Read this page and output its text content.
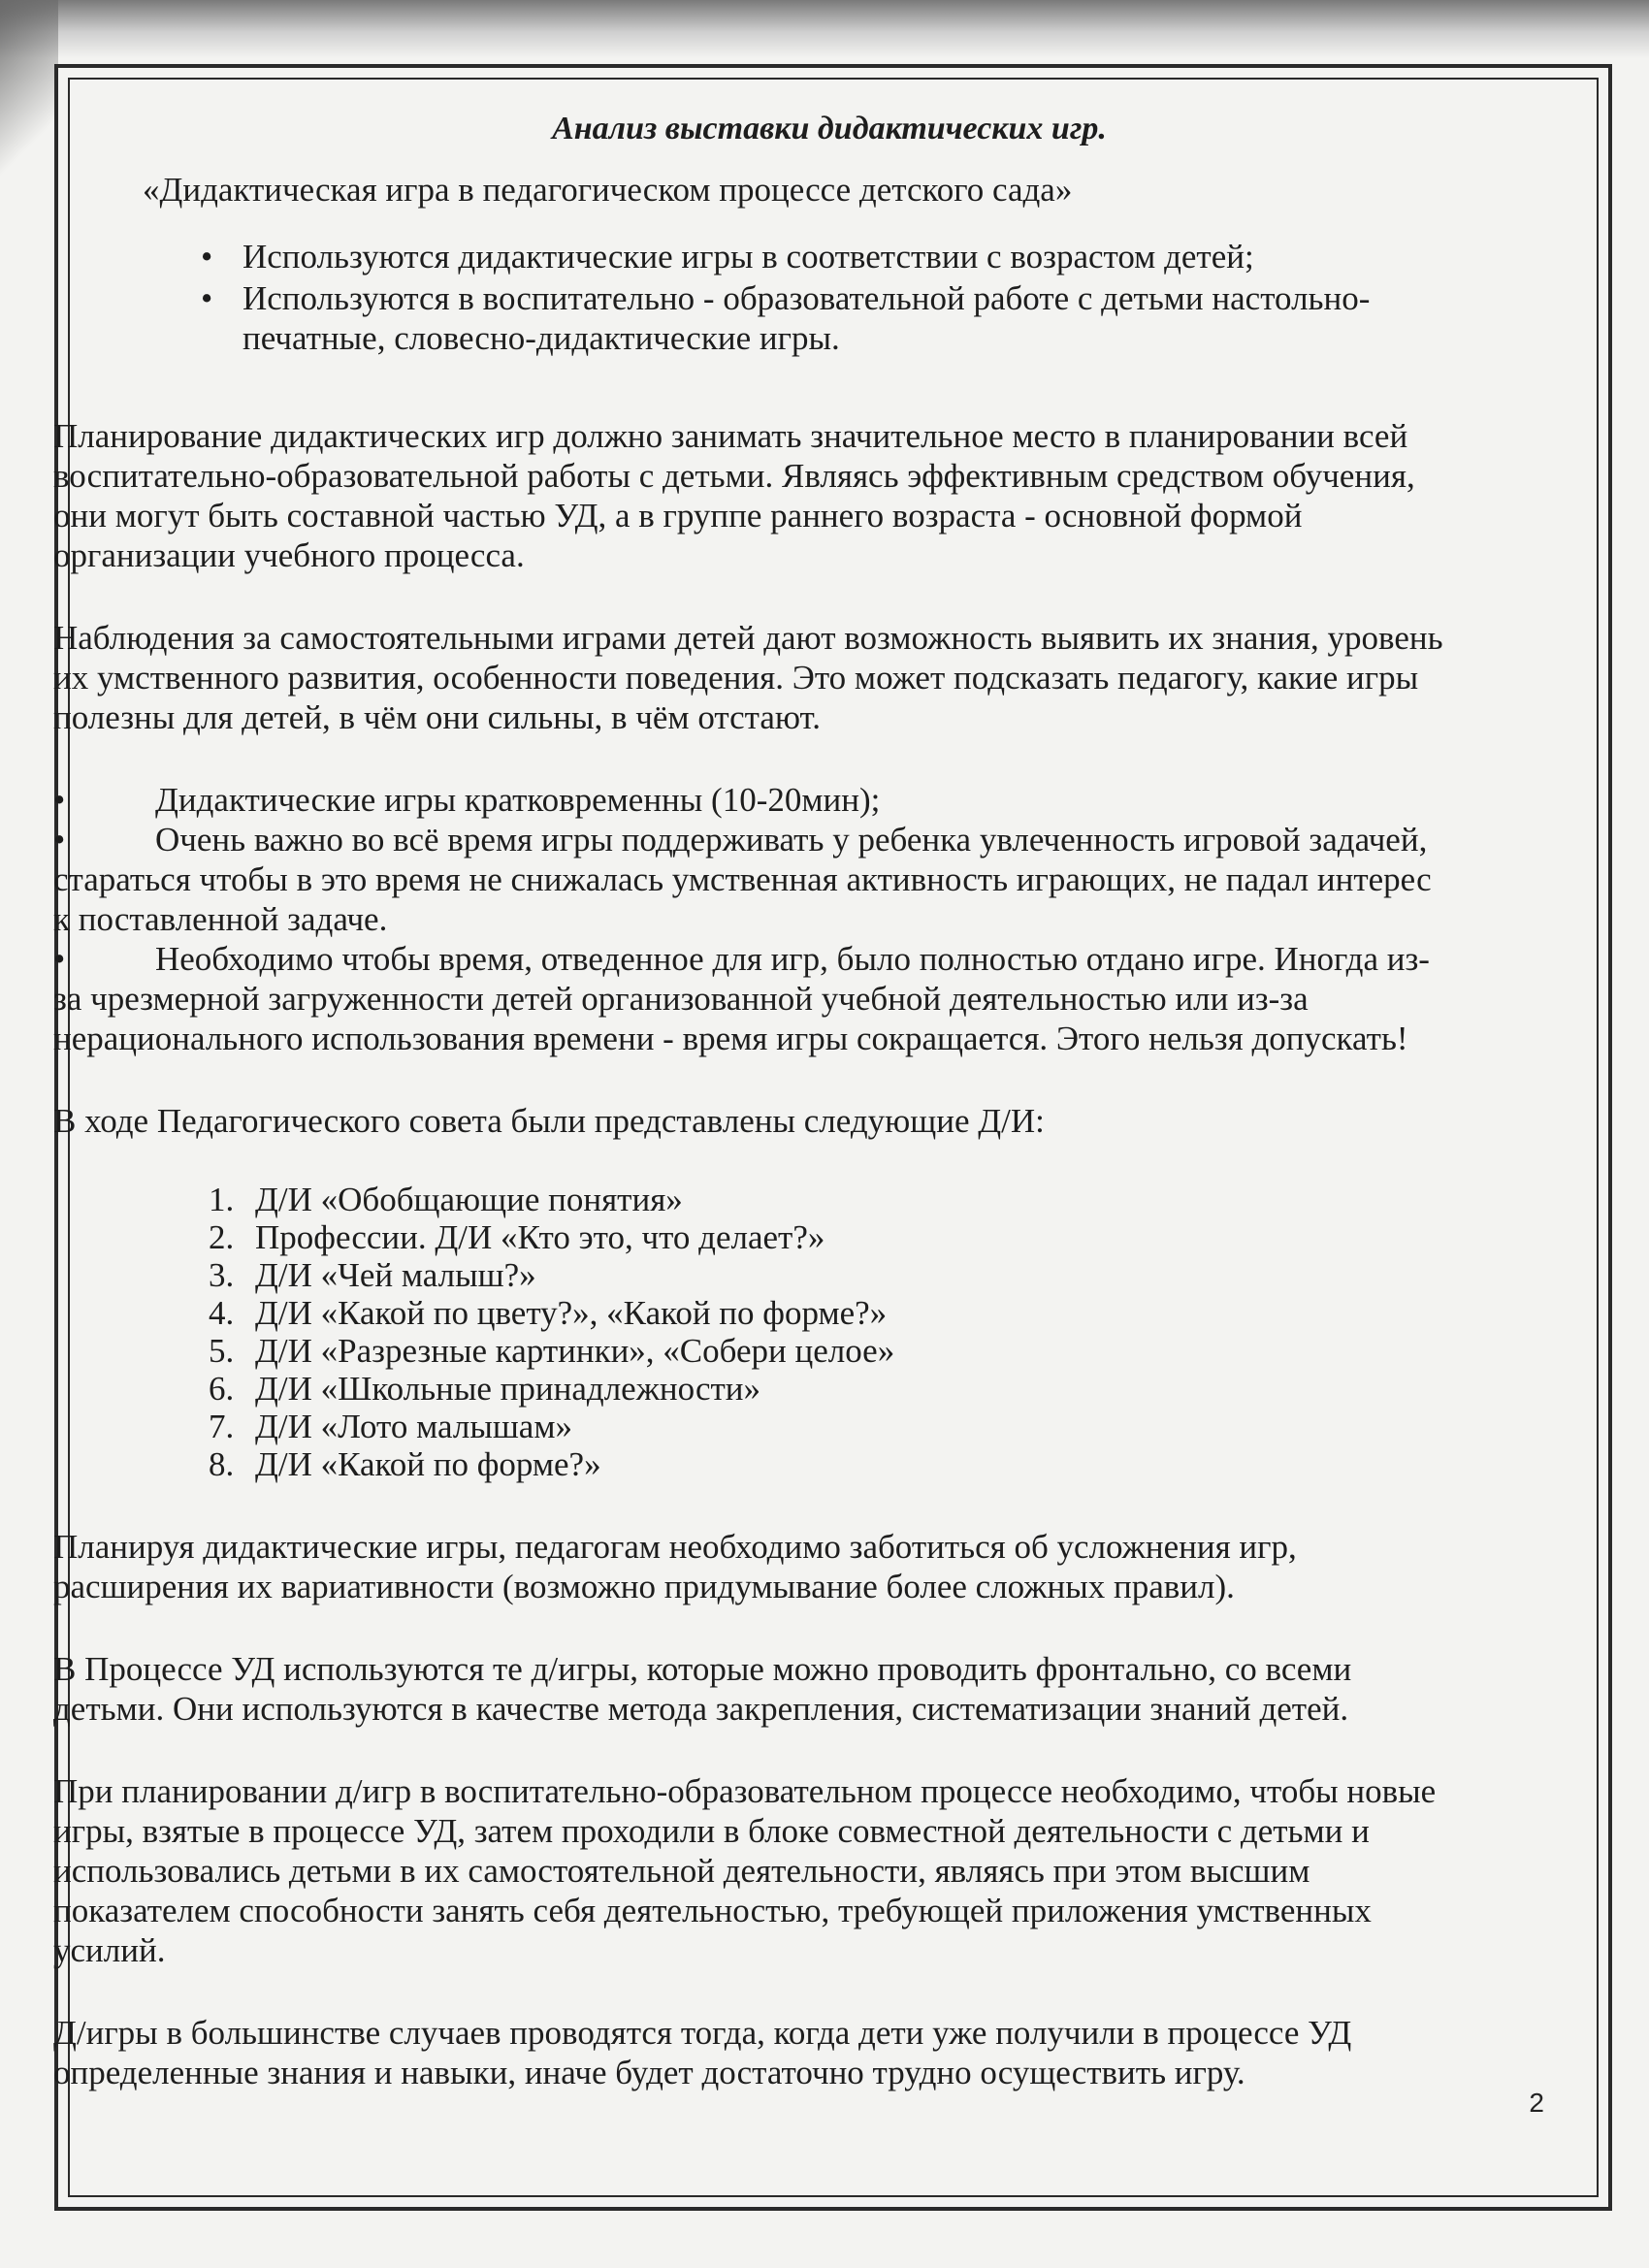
Анализ выставки дидактических игр.
«Дидактическая игра в педагогическом процессе детского сада»
• Используются дидактические игры в соответствии с возрастом детей;
• Используются в воспитательно - образовательной работе с детьми настольно-печатные, словесно-дидактические игры.

Планирование дидактических игр должно занимать значительное место в планировании всей воспитательно-образовательной работы с детьми. Являясь эффективным средством обучения, они могут быть составной частью УД, а в группе раннего возраста - основной формой организации учебного процесса.

Наблюдения за самостоятельными играми детей дают возможность выявить их знания, уровень их умственного развития, особенности поведения. Это может подсказать педагогу, какие игры полезны для детей, в чём они сильны, в чём отстают.

• Дидактические игры кратковременны (10-20мин);
• Очень важно во всё время игры поддерживать у ребенка увлеченность игровой задачей, стараться чтобы в это время не снижалась умственная активность играющих, не падал интерес к поставленной задаче.
• Необходимо чтобы время, отведенное для игр, было полностью отдано игре. Иногда из-за чрезмерной загруженности детей организованной учебной деятельностью или из-за нерационального использования времени - время игры сокращается. Этого нельзя допускать!

В ходе Педагогического совета были представлены следующие Д/И:

1. Д/И «Обобщающие понятия»
2. Профессии. Д/И «Кто это, что делает?»
3. Д/И «Чей малыш?»
4. Д/И «Какой по цвету?», «Какой по форме?»
5. Д/И «Разрезные картинки», «Собери целое»
6. Д/И «Школьные принадлежности»
7. Д/И «Лото малышам»
8. Д/И «Какой по форме?»

Планируя дидактические игры, педагогам необходимо заботиться об усложнения игр, расширения их вариативности (возможно придумывание более сложных правил).

В Процессе УД используются те д/игры, которые можно проводить фронтально, со всеми детьми. Они используются в качестве метода закрепления, систематизации знаний детей.

При планировании д/игр в воспитательно-образовательном процессе необходимо, чтобы новые игры, взятые в процессе УД, затем проходили в блоке совместной деятельности с детьми и использовались детьми в их самостоятельной деятельности, являясь при этом высшим показателем способности занять себя деятельностью, требующей приложения умственных усилий.

Д/игры в большинстве случаев проводятся тогда, когда дети уже получили в процессе УД определенные знания и навыки, иначе будет достаточно трудно осуществить игру.

2
